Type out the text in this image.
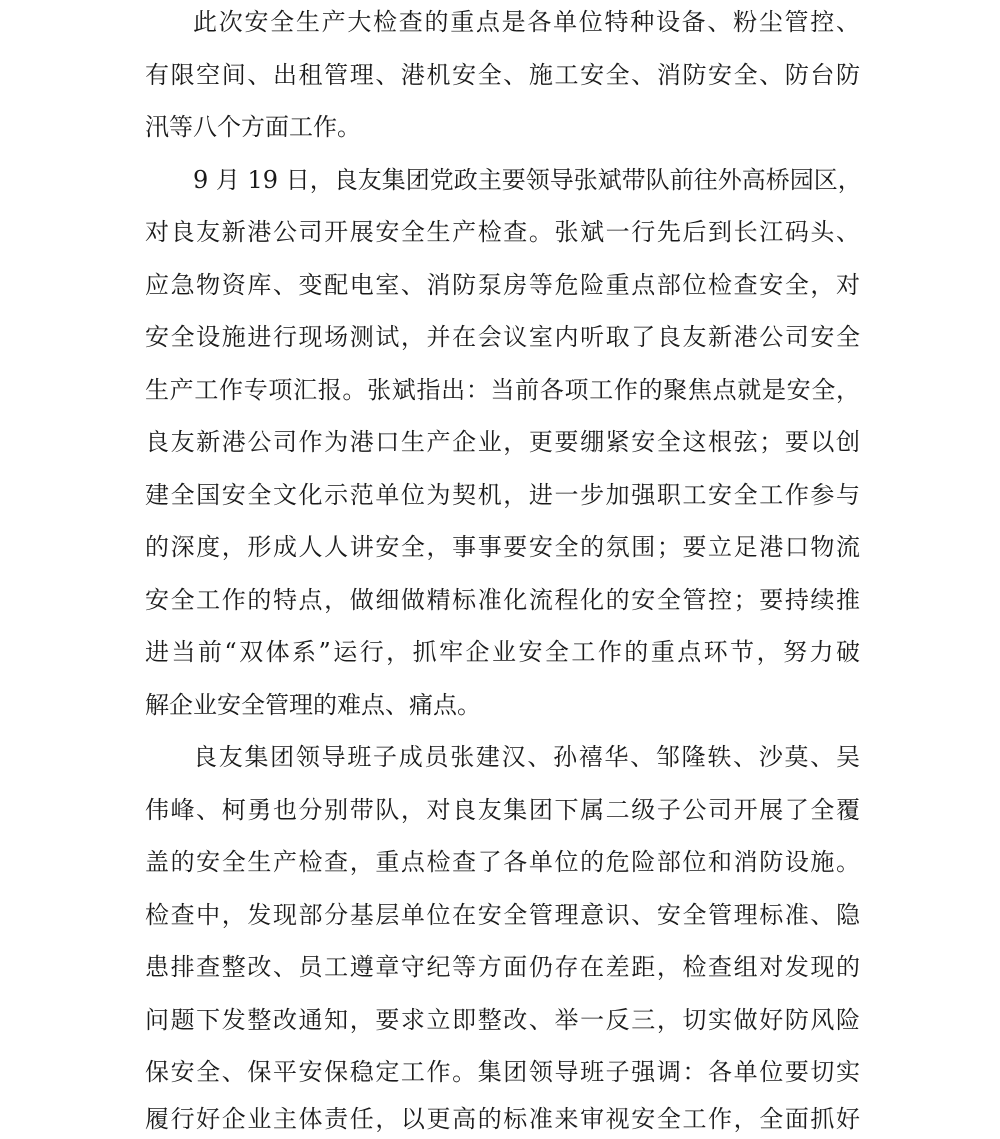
此次安全生产大检查的重点是各单位特种设备、粉尘管控、
有限空间、出租管理、港机安全、施工安全、消防安全、防台防
汛等八个方面工作。
9 月 19 日，良友集团党政主要领导张斌带队前往外高桥园区，
对良友新港公司开展安全生产检查。张斌一行先后到长江码头、
应急物资库、变配电室、消防泵房等危险重点部位检查安全，对
安全设施进行现场测试，并在会议室内听取了良友新港公司安全
生产工作专项汇报。张斌指出：当前各项工作的聚焦点就是安全，
良友新港公司作为港口生产企业，更要绷紧安全这根弦；要以创
建全国安全文化示范单位为契机，进一步加强职工安全工作参与
的深度，形成人人讲安全，事事要安全的氛围；要立足港口物流
安全工作的特点，做细做精标准化流程化的安全管控；要持续推
进当前“双体系”运行，抓牢企业安全工作的重点环节，努力破
解企业安全管理的难点、痛点。
良友集团领导班子成员张建汉、孙禧华、邹隆轶、沙莫、吴
伟峰、柯勇也分别带队，对良友集团下属二级子公司开展了全覆
盖的安全生产检查，重点检查了各单位的危险部位和消防设施。
检查中，发现部分基层单位在安全管理意识、安全管理标准、隐
患排查整改、员工遵章守纪等方面仍存在差距，检查组对发现的
问题下发整改通知，要求立即整改、举一反三，切实做好防风险
保安全、保平安保稳定工作。集团领导班子强调：各单位要切实
履行好企业主体责任，以更高的标准来审视安全工作，全面抓好
